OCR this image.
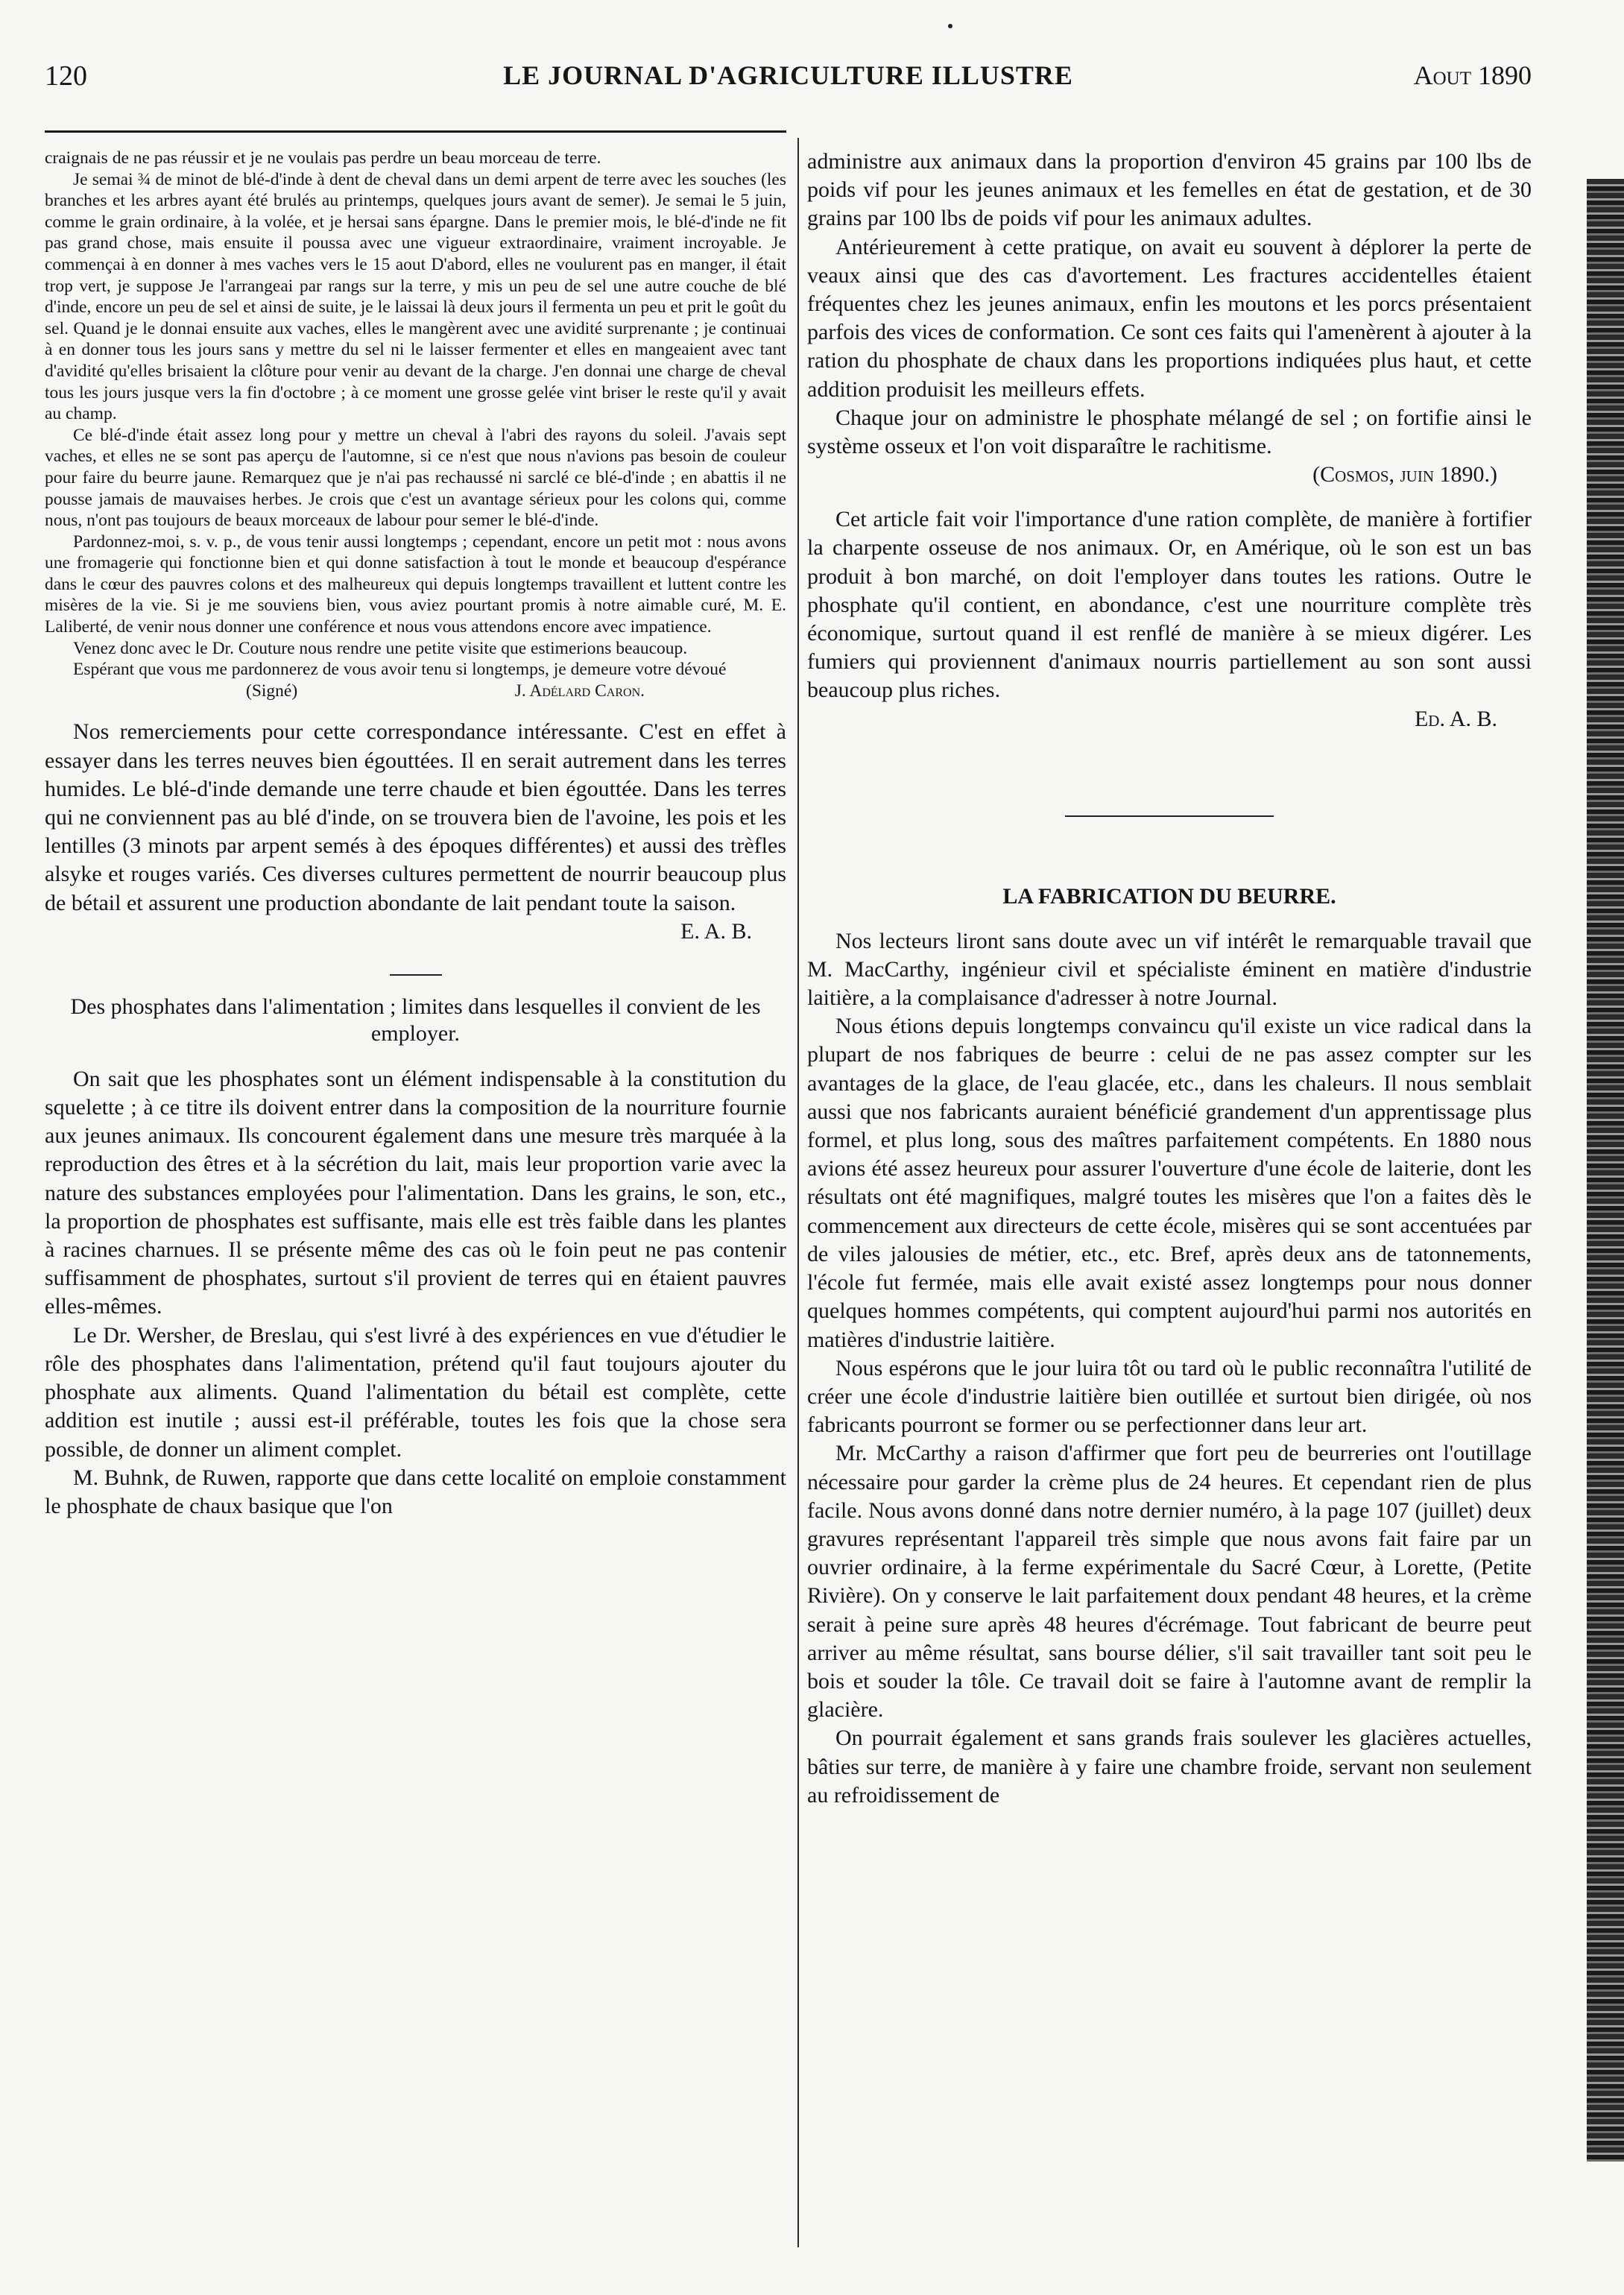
120	LE JOURNAL D'AGRICULTURE ILLUSTRE	Aout 1890

craignais de ne pas réussir et je ne voulais pas perdre un beau morceau de terre.

Je semai ¾ de minot de blé-d'inde à dent de cheval dans un demi arpent de terre avec les souches (les branches et les arbres ayant été brulés au printemps, quelques jours avant de semer). Je semai le 5 juin, comme le grain ordinaire, à la volée, et je hersai sans épargne. Dans le premier mois, le blé-d'inde ne fit pas grand chose, mais ensuite il poussa avec une vigueur extraordinaire, vraiment incroyable. Je commençai à en donner à mes vaches vers le 15 aout D'abord, elles ne voulurent pas en manger, il était trop vert, je suppose Je l'arrangeai par rangs sur la terre, y mis un peu de sel une autre couche de blé d'inde, encore un peu de sel et ainsi de suite, je le laissai là deux jours il fermenta un peu et prit le goût du sel. Quand je le donnai ensuite aux vaches, elles le mangèrent avec une avidité surprenante ; je continuai à en donner tous les jours sans y mettre du sel ni le laisser fermenter et elles en mangeaient avec tant d'avidité qu'elles brisaient la clôture pour venir au devant de la charge. J'en donnai une charge de cheval tous les jours jusque vers la fin d'octobre ; à ce moment une grosse gelée vint briser le reste qu'il y avait au champ.

Ce blé-d'inde était assez long pour y mettre un cheval à l'abri des rayons du soleil. J'avais sept vaches, et elles ne se sont pas aperçu de l'automne, si ce n'est que nous n'avions pas besoin de couleur pour faire du beurre jaune. Remarquez que je n'ai pas rechaussé ni sarclé ce blé-d'inde ; en abattis il ne pousse jamais de mauvaises herbes. Je crois que c'est un avantage sérieux pour les colons qui, comme nous, n'ont pas toujours de beaux morceaux de labour pour semer le blé-d'inde.

Pardonnez-moi, s. v. p., de vous tenir aussi longtemps ; cependant, encore un petit mot : nous avons une fromagerie qui fonctionne bien et qui donne satisfaction à tout le monde et beaucoup d'espérance dans le cœur des pauvres colons et des malheureux qui depuis longtemps travaillent et luttent contre les misères de la vie. Si je me souviens bien, vous aviez pourtant promis à notre aimable curé, M. E. Laliberté, de venir nous donner une conférence et nous vous attendons encore avec impatience.

Venez donc avec le Dr. Couture nous rendre une petite visite que estimerions beaucoup.

Espérant que vous me pardonnerez de vous avoir tenu si longtemps, je demeure votre dévoué

(Signé)	J. Adélard Caron.

Nos remerciements pour cette correspondance intéressante. C'est en effet à essayer dans les terres neuves bien égouttées. Il en serait autrement dans les terres humides. Le blé-d'inde demande une terre chaude et bien égouttée. Dans les terres qui ne conviennent pas au blé d'inde, on se trouvera bien de l'avoine, les pois et les lentilles (3 minots par arpent semés à des époques différentes) et aussi des trèfles alsyke et rouges variés. Ces diverses cultures permettent de nourrir beaucoup plus de bétail et assurent une production abondante de lait pendant toute la saison.

E. A. B.
Des phosphates dans l'alimentation ; limites dans lesquelles il convient de les employer.

On sait que les phosphates sont un élément indispensable à la constitution du squelette ; à ce titre ils doivent entrer dans la composition de la nourriture fournie aux jeunes animaux. Ils concourent également dans une mesure très marquée à la reproduction des êtres et à la sécrétion du lait, mais leur proportion varie avec la nature des substances employées pour l'alimentation. Dans les grains, le son, etc., la proportion de phosphates est suffisante, mais elle est très faible dans les plantes à racines charnues. Il se présente même des cas où le foin peut ne pas contenir suffisamment de phosphates, surtout s'il provient de terres qui en étaient pauvres elles-mêmes.

Le Dr. Wersher, de Breslau, qui s'est livré à des expériences en vue d'étudier le rôle des phosphates dans l'alimentation, prétend qu'il faut toujours ajouter du phosphate aux aliments. Quand l'alimentation du bétail est complète, cette addition est inutile ; aussi est-il préférable, toutes les fois que la chose sera possible, de donner un aliment complet.

M. Buhnk, de Ruwen, rapporte que dans cette localité on emploie constamment le phosphate de chaux basique que l'on

administre aux animaux dans la proportion d'environ 45 grains par 100 lbs de poids vif pour les jeunes animaux et les femelles en état de gestation, et de 30 grains par 100 lbs de poids vif pour les animaux adultes.

Antérieurement à cette pratique, on avait eu souvent à déplorer la perte de veaux ainsi que des cas d'avortement. Les fractures accidentelles étaient fréquentes chez les jeunes animaux, enfin les moutons et les porcs présentaient parfois des vices de conformation. Ce sont ces faits qui l'amenèrent à ajouter à la ration du phosphate de chaux dans les proportions indiquées plus haut, et cette addition produisit les meilleurs effets.

Chaque jour on administre le phosphate mélangé de sel ; on fortifie ainsi le système osseux et l'on voit disparaître le rachitisme.

(Cosmos, juin 1890.)

Cet article fait voir l'importance d'une ration complète, de manière à fortifier la charpente osseuse de nos animaux. Or, en Amérique, où le son est un bas produit à bon marché, on doit l'employer dans toutes les rations. Outre le phosphate qu'il contient, en abondance, c'est une nourriture complète très économique, surtout quand il est renflé de manière à se mieux digérer. Les fumiers qui proviennent d'animaux nourris partiellement au son sont aussi beaucoup plus riches.

Ed. A. B.
LA FABRICATION DU BEURRE.

Nos lecteurs liront sans doute avec un vif intérêt le remarquable travail que M. MacCarthy, ingénieur civil et spécialiste éminent en matière d'industrie laitière, a la complaisance d'adresser à notre Journal.

Nous étions depuis longtemps convaincu qu'il existe un vice radical dans la plupart de nos fabriques de beurre : celui de ne pas assez compter sur les avantages de la glace, de l'eau glacée, etc., dans les chaleurs. Il nous semblait aussi que nos fabricants auraient bénéficié grandement d'un apprentissage plus formel, et plus long, sous des maîtres parfaitement compétents. En 1880 nous avions été assez heureux pour assurer l'ouverture d'une école de laiterie, dont les résultats ont été magnifiques, malgré toutes les misères que l'on a faites dès le commencement aux directeurs de cette école, misères qui se sont accentuées par de viles jalousies de métier, etc., etc. Bref, après deux ans de tatonnements, l'école fut fermée, mais elle avait existé assez longtemps pour nous donner quelques hommes compétents, qui comptent aujourd'hui parmi nos autorités en matières d'industrie laitière.

Nous espérons que le jour luira tôt ou tard où le public reconnaîtra l'utilité de créer une école d'industrie laitière bien outillée et surtout bien dirigée, où nos fabricants pourront se former ou se perfectionner dans leur art.

Mr. McCarthy a raison d'affirmer que fort peu de beurreries ont l'outillage nécessaire pour garder la crème plus de 24 heures. Et cependant rien de plus facile. Nous avons donné dans notre dernier numéro, à la page 107 (juillet) deux gravures représentant l'appareil très simple que nous avons fait faire par un ouvrier ordinaire, à la ferme expérimentale du Sacré Cœur, à Lorette, (Petite Rivière). On y conserve le lait parfaitement doux pendant 48 heures, et la crème serait à peine sure après 48 heures d'écrémage. Tout fabricant de beurre peut arriver au même résultat, sans bourse délier, s'il sait travailler tant soit peu le bois et souder la tôle. Ce travail doit se faire à l'automne avant de remplir la glacière.

On pourrait également et sans grands frais soulever les glacières actuelles, bâties sur terre, de manière à y faire une chambre froide, servant non seulement au refroidissement de
